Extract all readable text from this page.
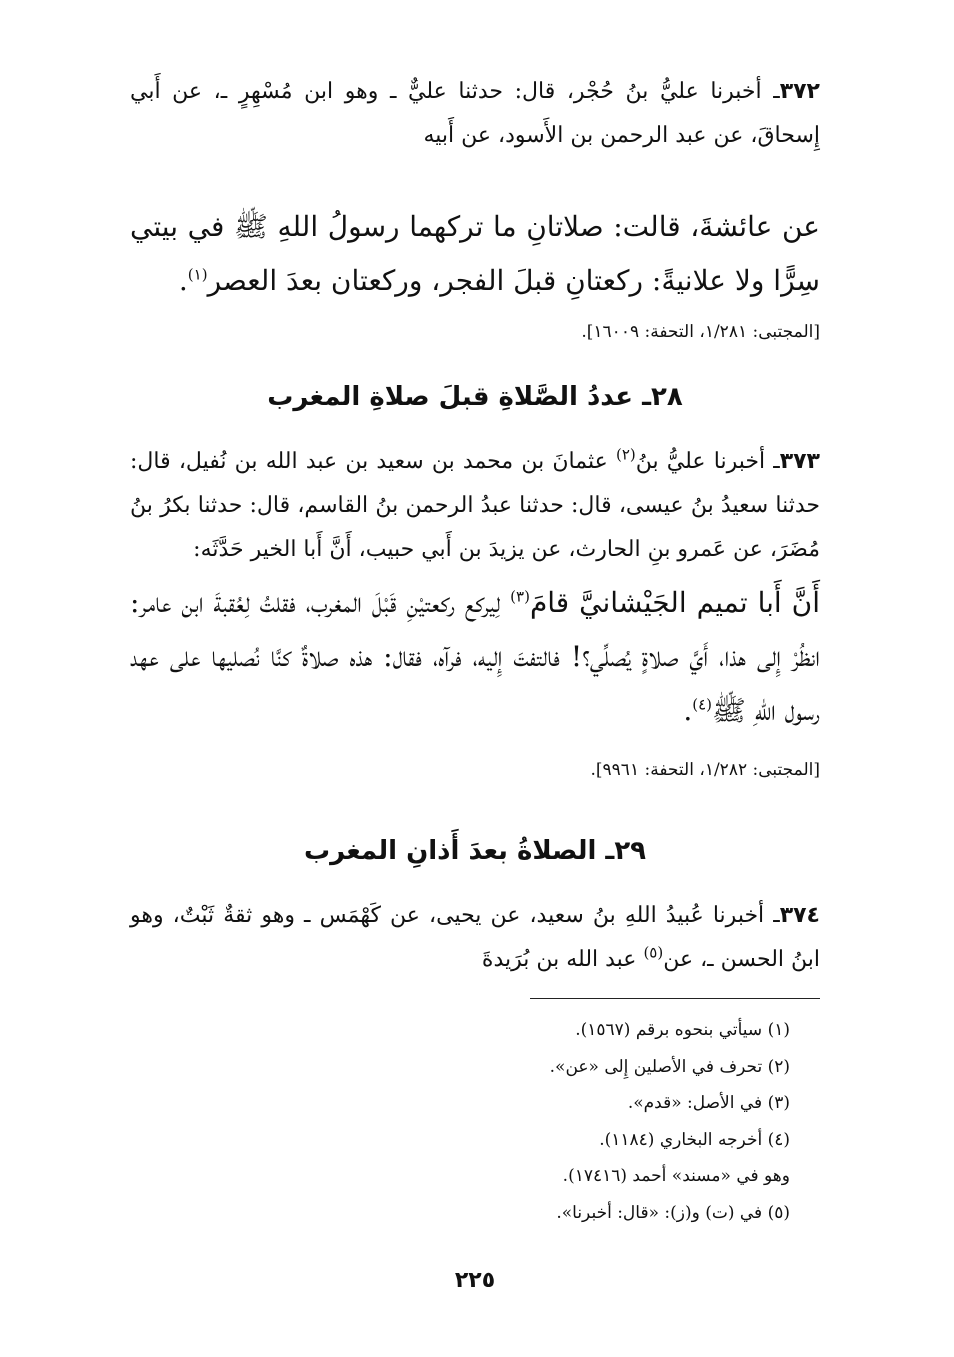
٣٧٢ـ أخبرنا عليُّ بنُ حُجْر، قال: حدثنا عليٌّ ـ وهو ابن مُسْهِرٍ ـ، عن أَبي إِسحاقَ، عن عبد الرحمن بن الأَسود، عن أَبيه

عن عائشةَ، قالت: صلاتانِ ما تركهما رسولُ اللهِ ﷺ في بيتي سِرًّا ولا علانيةً: ركعتانِ قبلَ الفجر، وركعتان بعدَ العصر$^{(١)}$.

[المجتبى: ١/٢٨١، التحفة: ١٦٠٠٩].

٢٨ـ عددُ الصَّلاةِ قبلَ صلاةِ المغرب

٣٧٣ـ أخبرنا عليُّ بنُ$^{(٢)}$ عثمانَ بن محمد بن سعيد بن عبد الله بن نُفيل، قال: حدثنا سعيدُ بنُ عيسى، قال: حدثنا عبدُ الرحمن بنُ القاسم، قال: حدثنا بكرُ بنُ مُضَرَ، عن عَمرو بنِ الحارث، عن يزيدَ بن أَبي حبيب، أَنَّ أَبا الخير حَدَّثَه:

أَنَّ أَبا تميم الجَيْشانيَّ قامَ$^{(٣)}$ لِيركع ركعتيْنِ قَبْلَ المغرب، فقلتُ لِعُقبةَ ابن عامر: انظُرْ إِلى هذا، أَيَّ صلاةٍ يُصلِّي؟! فالتفتَ إِليه، فرآه، فقال: هذه صلاةٌ كنَّا نُصليها على عهد رسول اللهِ ﷺ$^{(٤)}$.

[المجتبى: ١/٢٨٢، التحفة: ٩٩٦١].

٢٩ـ الصلاةُ بعدَ أَذانِ المغرب

٣٧٤ـ أخبرنا عُبيدُ اللهِ بنُ سعيد، عن يحيى، عن كَهْمَس ـ وهو ثقةٌ ثَبْتٌ، وهو ابنُ الحسن ـ، عن$^{(٥)}$ عبد الله بن بُرَيدةَ

(١) سيأتي بنحوه برقم (١٥٦٧).
(٢) تحرف في الأصلين إِلى «عن».
(٣) في الأصل: «قدم».
(٤) أخرجه البخاري (١١٨٤).
وهو في «مسند» أحمد (١٧٤١٦).
(٥) في (ت) و(ز): «قال: أخبرنا».
٢٢٥
